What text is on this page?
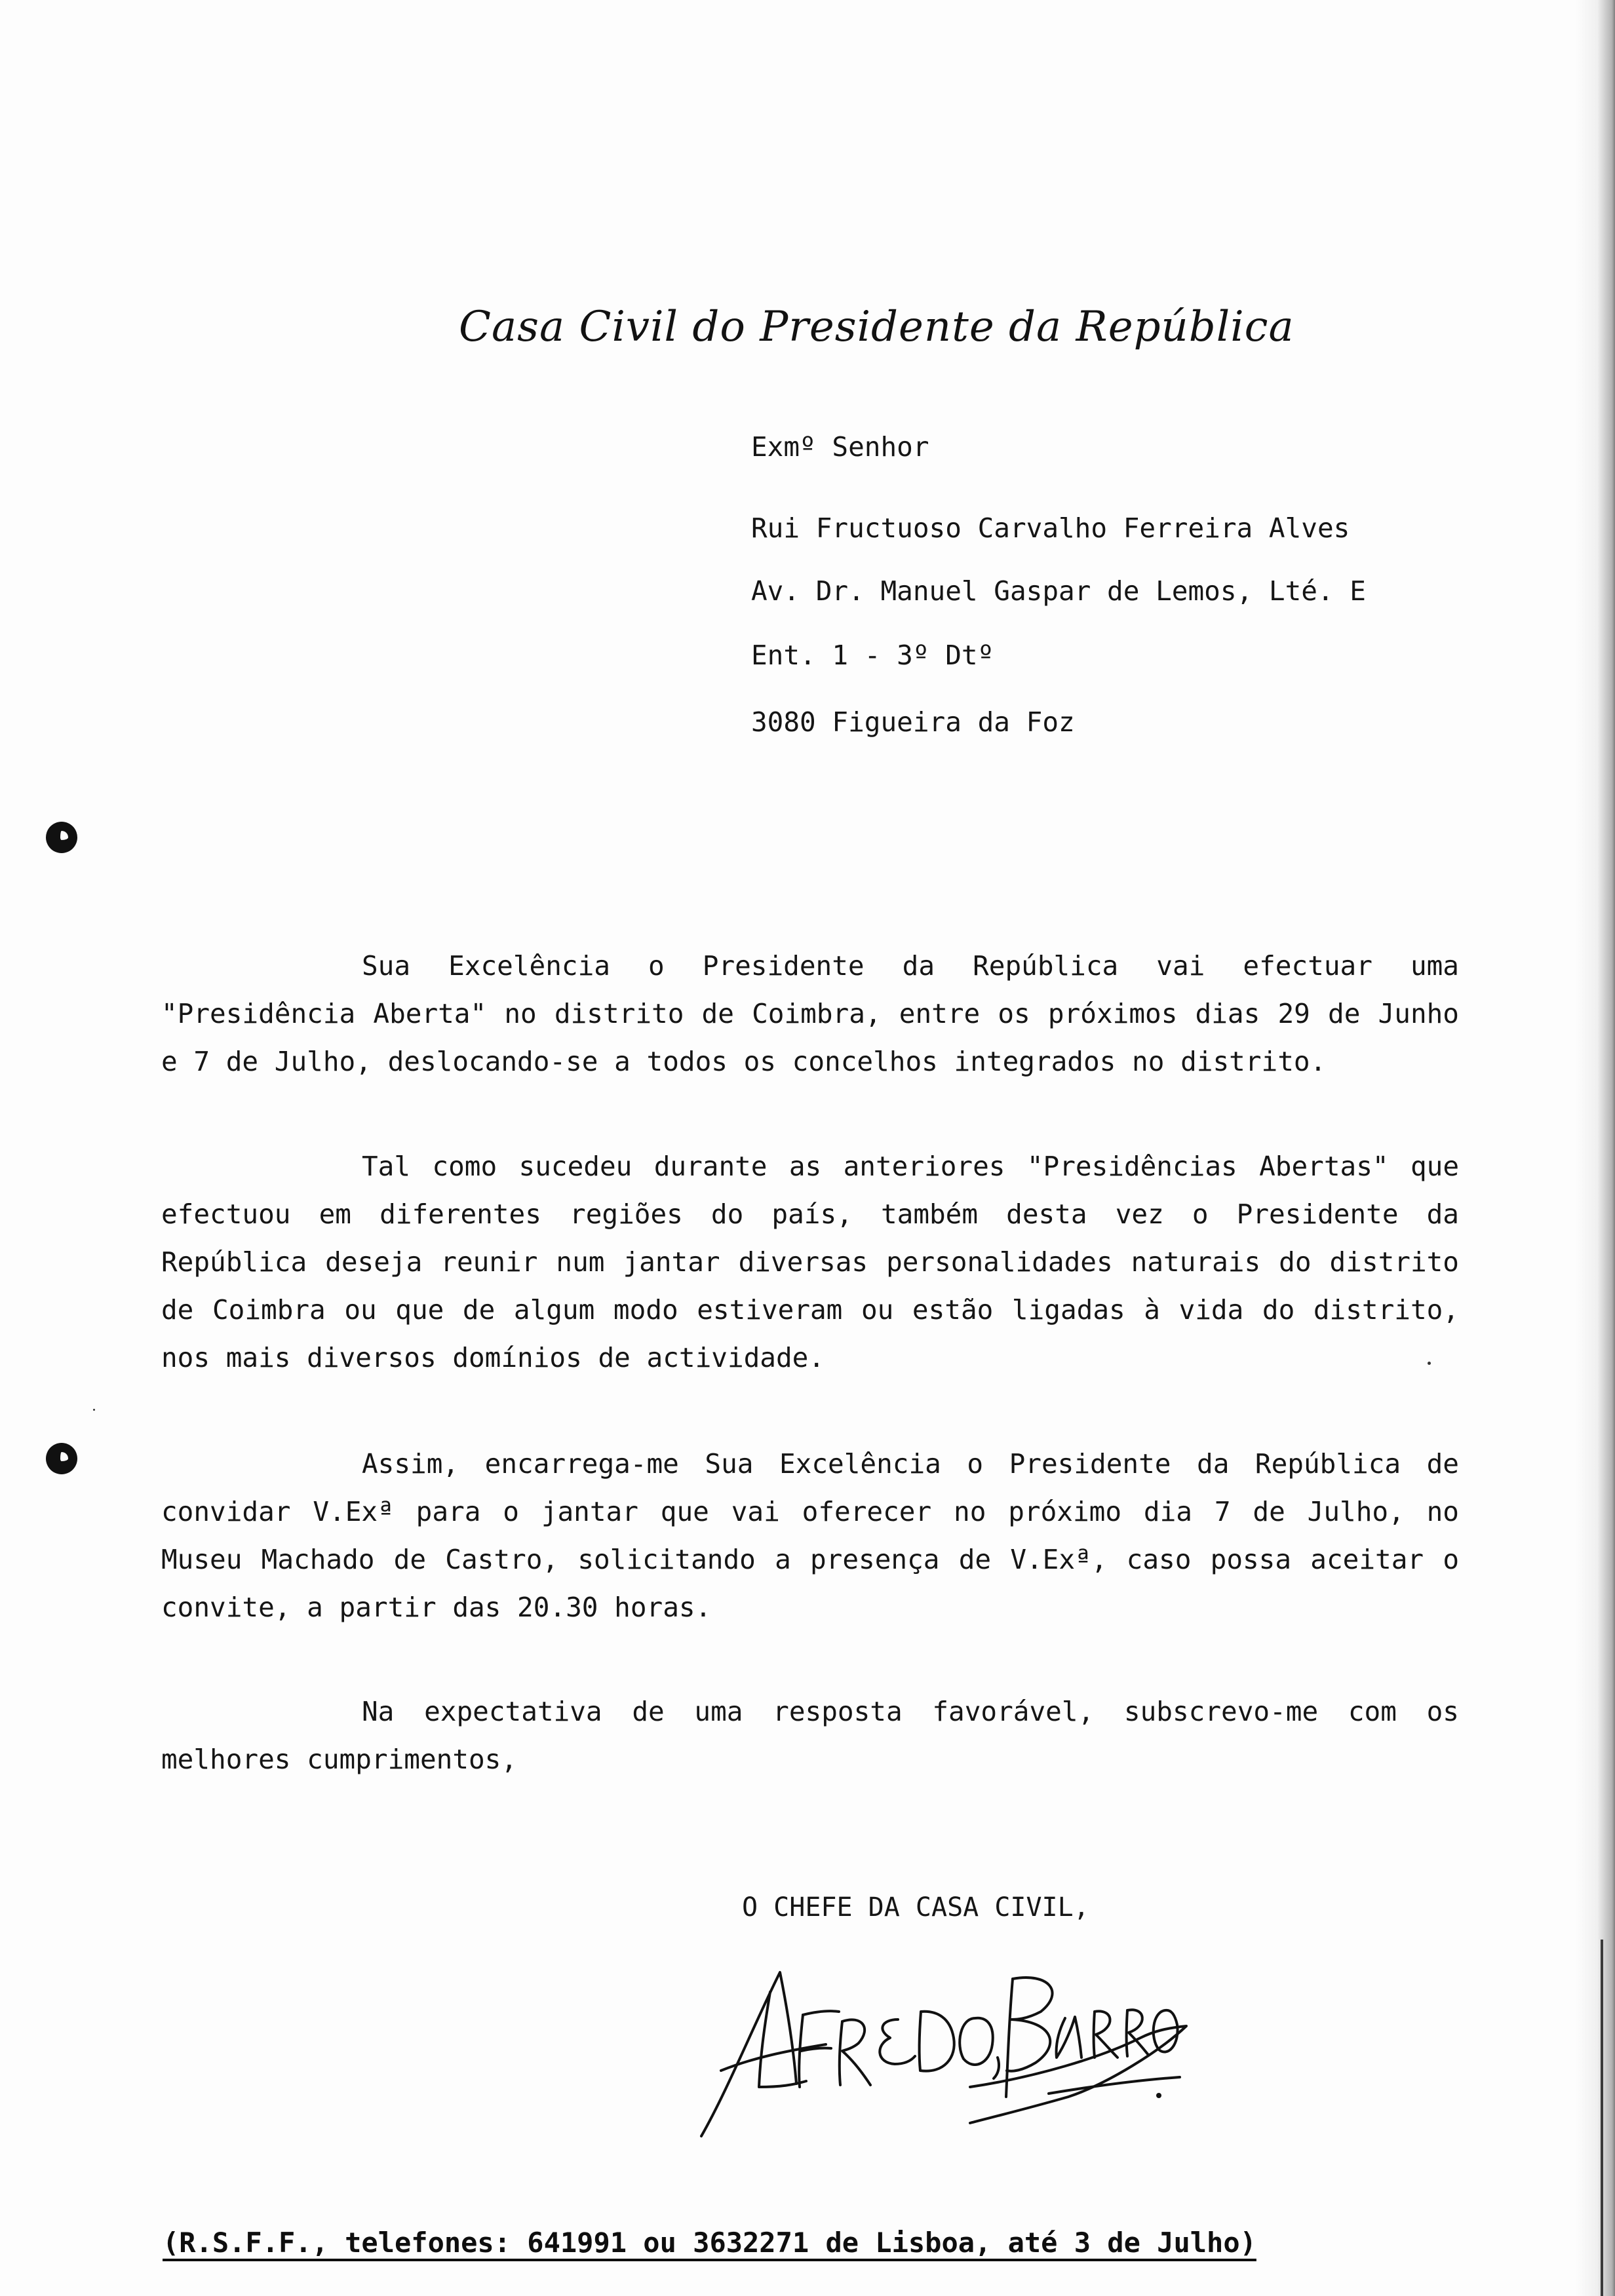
Casa Civil do Presidente da República
Exmº Senhor
Rui Fructuoso Carvalho Ferreira Alves
Av. Dr. Manuel Gaspar de Lemos, Lté. E
Ent. 1 - 3º Dtº
3080 Figueira da Foz
Sua Excelência o Presidente da República vai efectuar uma "Presidência Aberta" no distrito de Coimbra, entre os próximos dias 29 de Junho e 7 de Julho, deslocando-se a todos os concelhos integrados no distrito.
Tal como sucedeu durante as anteriores "Presidências Abertas" que efectuou em diferentes regiões do país, também desta vez o Presidente da República deseja reunir num jantar diversas personalidades naturais do distrito de Coimbra ou que de algum modo estiveram ou estão ligadas à vida do distrito, nos mais diversos domínios de actividade.
Assim, encarrega-me Sua Excelência o Presidente da República de convidar V.Exª para o jantar que vai oferecer no próximo dia 7 de Julho, no Museu Machado de Castro, solicitando a presença de V.Exª, caso possa aceitar o convite, a partir das 20.30 horas.
Na expectativa de uma resposta favorável, subscrevo-me com os melhores cumprimentos,
O CHEFE DA CASA CIVIL,
(R.S.F.F., telefones: 641991 ou 3632271 de Lisboa, até 3 de Julho)
